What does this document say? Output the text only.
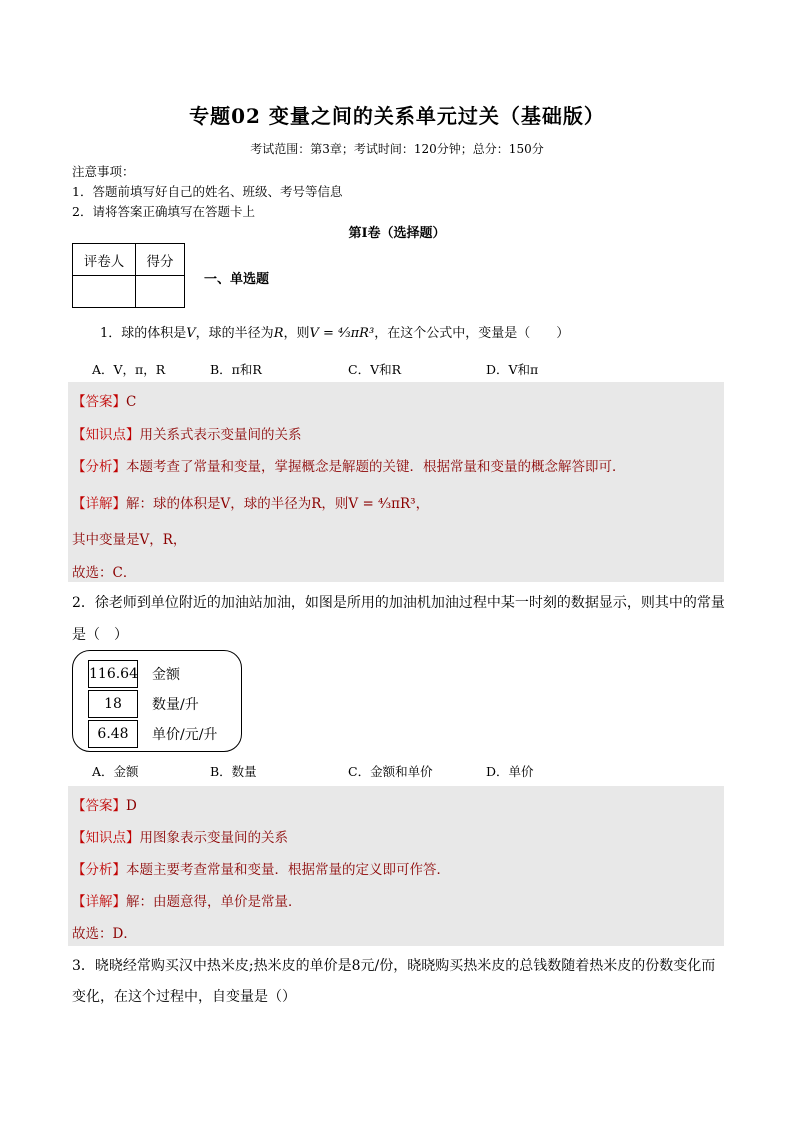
专题02 变量之间的关系单元过关（基础版）
考试范围：第3章；考试时间：120分钟；总分：150分
注意事项：
1．答题前填写好自己的姓名、班级、考号等信息
2．请将答案正确填写在答题卡上
第I卷（选择题）
评卷人	得分

一、单选题
1．球的体积是V，球的半径为R，则V = ⁴⁄₃πR³，在这个公式中，变量是（　　）
A．V，π，R	B．π和R	C．V和R	D．V和π
【答案】C
【知识点】用关系式表示变量间的关系
【分析】本题考查了常量和变量，掌握概念是解题的关键．根据常量和变量的概念解答即可．
【详解】解：球的体积是V，球的半径为R，则V = ⁴⁄₃πR³，
其中变量是V，R，
故选：C．
2．徐老师到单位附近的加油站加油，如图是所用的加油机加油过程中某一时刻的数据显示，则其中的常量
是（　）
116.64 金额
18	数量/升
6.48	单价/元/升
A．金额	B．数量	C．金额和单价	D．单价
【答案】D
【知识点】用图象表示变量间的关系
【分析】本题主要考查常量和变量．根据常量的定义即可作答．
【详解】解：由题意得，单价是常量．
故选：D．
3．晓晓经常购买汉中热米皮;热米皮的单价是8元/份，晓晓购买热米皮的总钱数随着热米皮的份数变化而
变化，在这个过程中，自变量是（）
